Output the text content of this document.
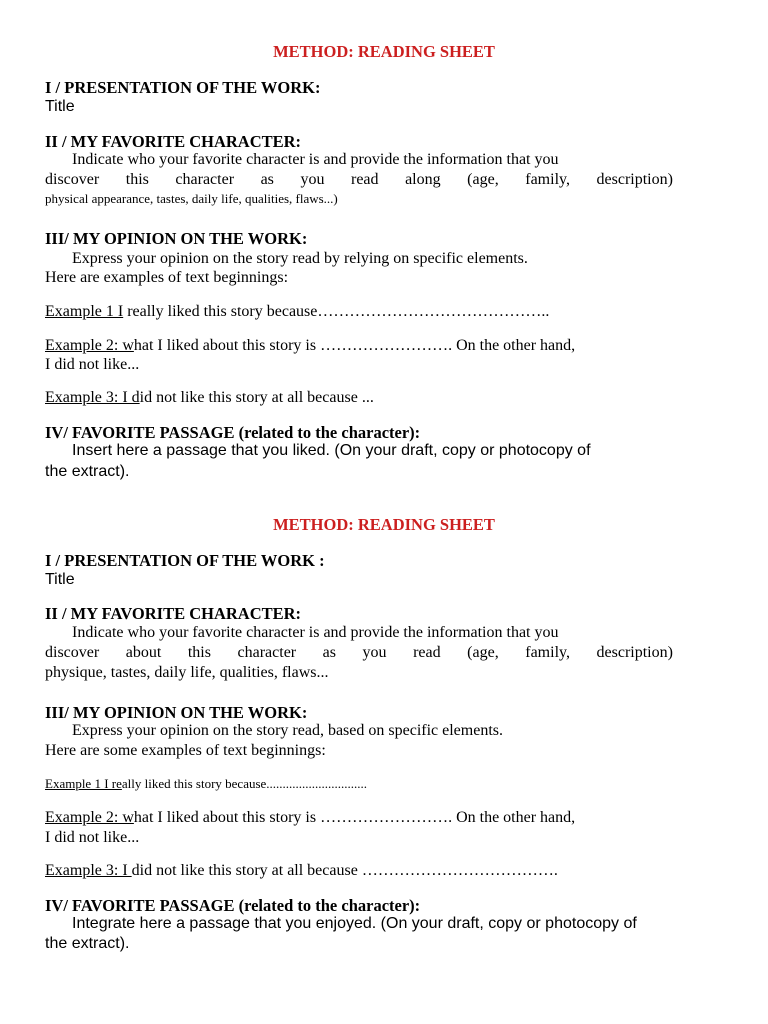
METHOD: READING SHEET
I / PRESENTATION OF THE WORK:
Title
II / MY FAVORITE CHARACTER:
Indicate who your favorite character is and provide the information that you
discover this character as you read along (age, family, description)
physical appearance, tastes, daily life, qualities, flaws...)
III/ MY OPINION ON THE WORK:
Express your opinion on the story read by relying on specific elements.
Here are examples of text beginnings:
Example 1 I really liked this story because……………………………………..
Example 2: what I liked about this story is ……………………. On the other hand,
I did not like...
Example 3: I did not like this story at all because ...
IV/ FAVORITE PASSAGE (related to the character):
Insert here a passage that you liked. (On your draft, copy or photocopy of
the extract).
METHOD: READING SHEET
I / PRESENTATION OF THE WORK :
Title
II / MY FAVORITE CHARACTER:
Indicate who your favorite character is and provide the information that you
discover about this character as you read (age, family, description)
physique, tastes, daily life, qualities, flaws...
III/ MY OPINION ON THE WORK:
Express your opinion on the story read, based on specific elements.
Here are some examples of text beginnings:
Example 1 I really liked this story because...............................
Example 2: what I liked about this story is ……………………. On the other hand,
I did not like...
Example 3: I did not like this story at all because ……………………………….
IV/ FAVORITE PASSAGE (related to the character):
Integrate here a passage that you enjoyed. (On your draft, copy or photocopy of
the extract).
